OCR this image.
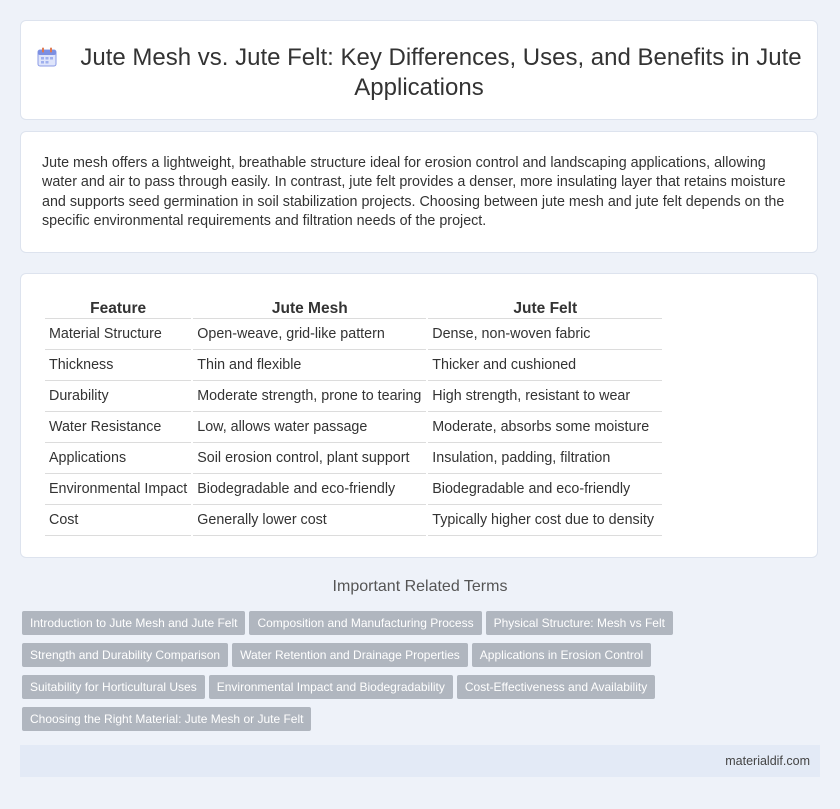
Jute Mesh vs. Jute Felt: Key Differences, Uses, and Benefits in Jute Applications

Jute mesh offers a lightweight, breathable structure ideal for erosion control and landscaping applications, allowing water and air to pass through easily. In contrast, jute felt provides a denser, more insulating layer that retains moisture and supports seed germination in soil stabilization projects. Choosing between jute mesh and jute felt depends on the specific environmental requirements and filtration needs of the project.

Feature	Jute Mesh	Jute Felt
Material Structure	Open-weave, grid-like pattern	Dense, non-woven fabric
Thickness	Thin and flexible	Thicker and cushioned
Durability	Moderate strength, prone to tearing	High strength, resistant to wear
Water Resistance	Low, allows water passage	Moderate, absorbs some moisture
Applications	Soil erosion control, plant support	Insulation, padding, filtration
Environmental Impact	Biodegradable and eco-friendly	Biodegradable and eco-friendly
Cost	Generally lower cost	Typically higher cost due to density
Important Related Terms
Introduction to Jute Mesh and Jute Felt Composition and Manufacturing Process Physical Structure: Mesh vs FeltStrength and Durability Comparison Water Retention and Drainage Properties Applications in Erosion ControlSuitability for Horticultural Uses Environmental Impact and Biodegradability Cost-Effectiveness and AvailabilityChoosing the Right Material: Jute Mesh or Jute Felt
materialdif.com
